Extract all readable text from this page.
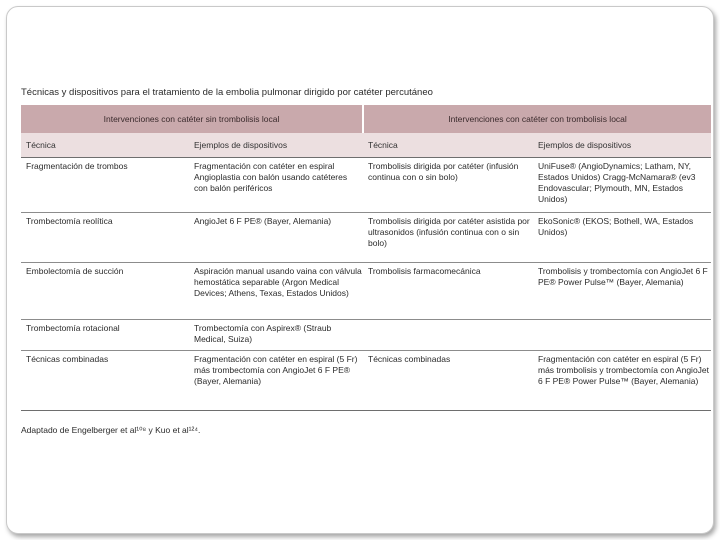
Técnicas y dispositivos para el tratamiento de la embolia pulmonar dirigido por catéter percutáneo
Intervenciones con catéter sin trombolisis local		Intervenciones con catéter con trombolisis local	
Técnica	Ejemplos de dispositivos	Técnica	Ejemplos de dispositivos
Fragmentación de trombos	Fragmentación con catéter en espiral Angioplastia con balón usando catéteres con balón periféricos	Trombolisis dirigida por catéter (infusión continua con o sin bolo)	UniFuse® (AngioDynamics; Latham, NY, Estados Unidos) Cragg-McNamara® (ev3 Endovascular; Plymouth, MN, Estados Unidos)
Trombectomía reolítica	AngioJet 6 F PE® (Bayer, Alemania)	Trombolisis dirigida por catéter asistida por ultrasonidos (infusión continua con o sin bolo)	EkoSonic® (EKOS; Bothell, WA, Estados Unidos)
Embolectomía de succión	Aspiración manual usando vaina con válvula hemostática separable (Argon Medical Devices; Athens, Texas, Estados Unidos)	Trombolisis farmacomecánica	Trombolisis y trombectomía con AngioJet 6 F PE® Power Pulse™ (Bayer, Alemania)
Trombectomía rotacional	Trombectomía con Aspirex® (Straub Medical, Suiza)		
Técnicas combinadas	Fragmentación con catéter en espiral (5 Fr) más trombectomía con AngioJet 6 F PE® (Bayer, Alemania)	Técnicas combinadas	Fragmentación con catéter en espiral (5 Fr) más trombolisis y trombectomía con AngioJet 6 F PE® Power Pulse™ (Bayer, Alemania)
Adaptado de Engelberger et al¹⁰⁸ y Kuo et al¹²⁴.
